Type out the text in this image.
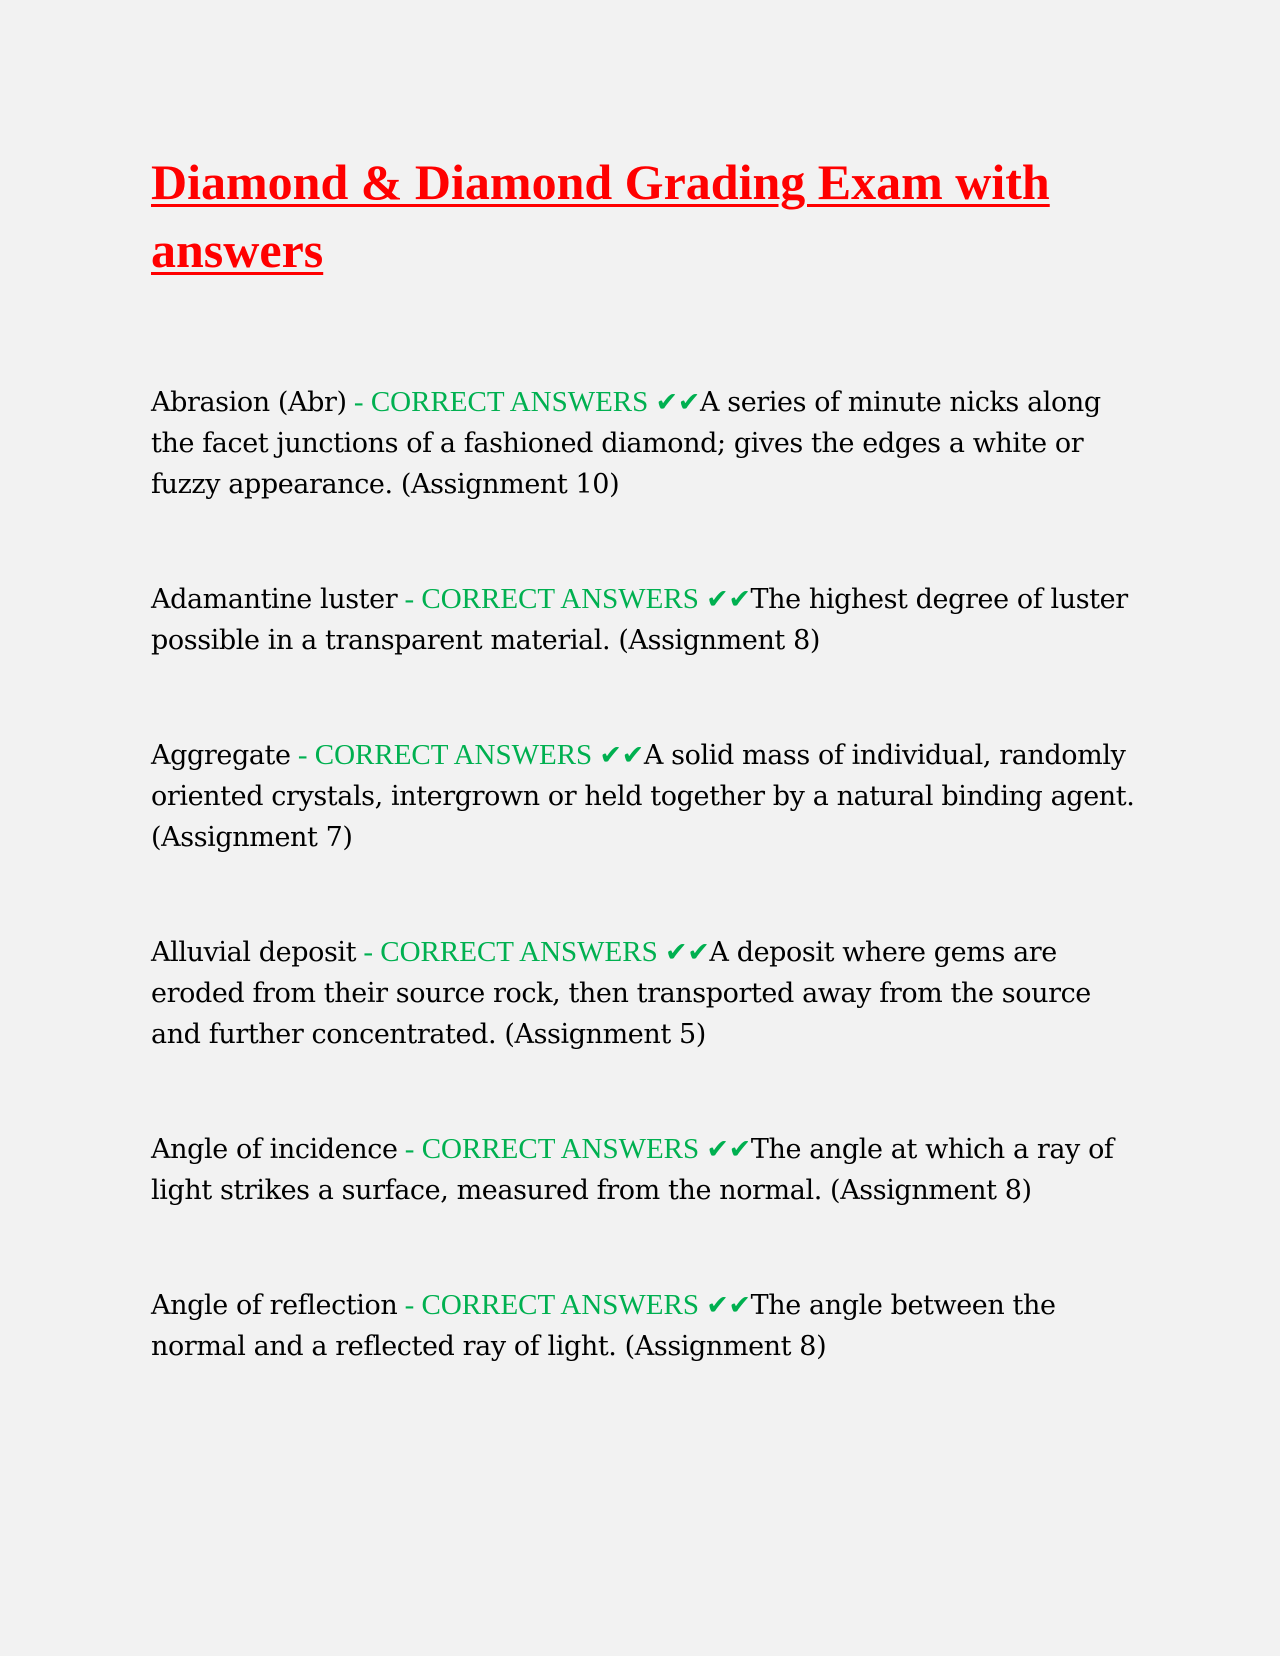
Diamond & Diamond Grading Exam with answers

Abrasion (Abr) - CORRECT ANSWERS ✔✔A series of minute nicks along the facet junctions of a fashioned diamond; gives the edges a white or fuzzy appearance. (Assignment 10)

Adamantine luster - CORRECT ANSWERS ✔✔The highest degree of luster possible in a transparent material. (Assignment 8)

Aggregate - CORRECT ANSWERS ✔✔A solid mass of individual, randomly oriented crystals, intergrown or held together by a natural binding agent. (Assignment 7)

Alluvial deposit - CORRECT ANSWERS ✔✔A deposit where gems are eroded from their source rock, then transported away from the source and further concentrated. (Assignment 5)

Angle of incidence - CORRECT ANSWERS ✔✔The angle at which a ray of light strikes a surface, measured from the normal. (Assignment 8)

Angle of reflection - CORRECT ANSWERS ✔✔The angle between the normal and a reflected ray of light. (Assignment 8)
